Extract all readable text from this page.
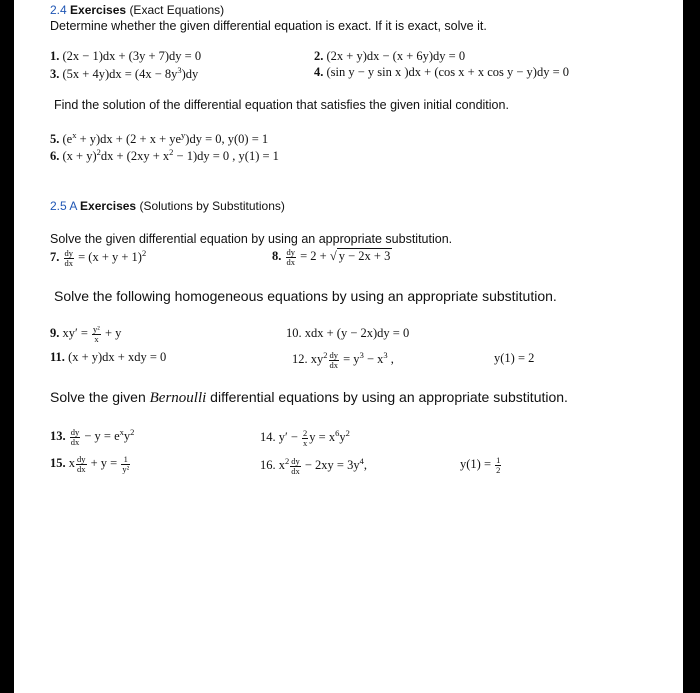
2.4 Exercises (Exact Equations)
Determine whether the given differential equation is exact. If it is exact, solve it.
1. (2x − 1)dx + (3y + 7)dy = 0	2. (2x + y)dx − (x + 6y)dy = 0
3. $(5x + 4y)dx = (4x - 8y^3)dy$	4. (sin y − y sin x )dx + (cos x + x cos y − y)dy = 0
Find the solution of the differential equation that satisfies the given initial condition.
5. $(e^x + y)dx + (2 + x + ye^y)dy = 0$, y(0) = 1
6. $(x + y)^2dx + (2xy + x^2 - 1)dy = 0$ , y(1) = 1
2.5 A Exercises (Solutions by Substitutions)
Solve the given differential equation by using an appropriate substitution.
7. $\frac{dy}{dx} = (x + y + 1)^2$	8. $\frac{dy}{dx} = 2$ + √ y − 2x + 3
Solve the following homogeneous equations by using an appropriate substitution.
9. $xy' = \frac{\text{y²}}{x} + y$	10. xdx + (y − 2x)dy = 0
11. (x + y)dx + xdy = 0	12. $xy^2 \frac{dy}{dx} = y^3 - x^3$ ,	y(1) = 2
Solve the given Bernoulli differential equations by using an appropriate substitution.
13. $\frac{dy}{dx} - y = e^xy^2$	14. $y' - \frac{2}{x}$ $y = x^6y^2$
15. x $\frac{dy}{dx} + y = \frac{1}{\text{y²}}$	16. $x^2 \frac{dy}{dx} - 2xy = 3y^4$,	$y(1) = \frac{1}{2}$
